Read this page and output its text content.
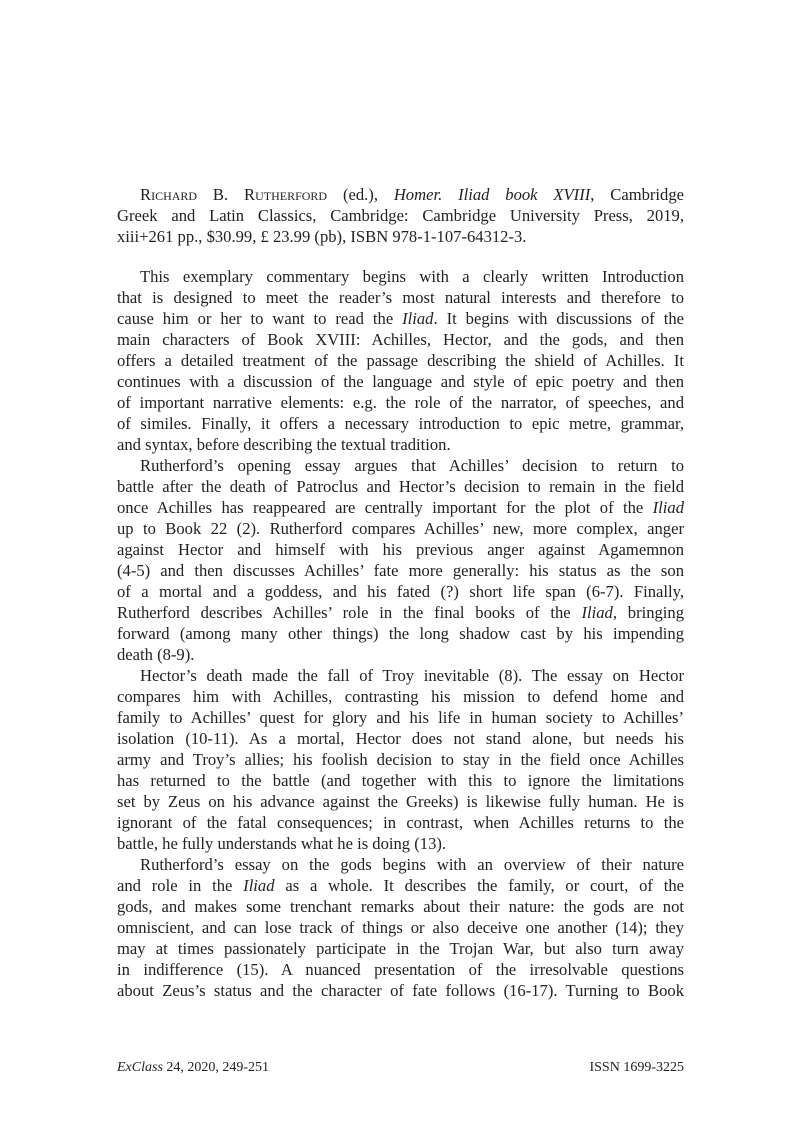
Richard B. Rutherford (ed.), Homer. Iliad book XVIII, Cambridge
Greek and Latin Classics, Cambridge: Cambridge University Press, 2019,
xiii+261 pp., $30.99, £ 23.99 (pb), ISBN 978-1-107-64312-3.
This exemplary commentary begins with a clearly written Introduction
that is designed to meet the reader’s most natural interests and therefore to
cause him or her to want to read the Iliad. It begins with discussions of the
main characters of Book XVIII: Achilles, Hector, and the gods, and then
offers a detailed treatment of the passage describing the shield of Achilles. It
continues with a discussion of the language and style of epic poetry and then
of important narrative elements: e.g. the role of the narrator, of speeches, and
of similes. Finally, it offers a necessary introduction to epic metre, grammar,
and syntax, before describing the textual tradition.
Rutherford’s opening essay argues that Achilles’ decision to return to
battle after the death of Patroclus and Hector’s decision to remain in the field
once Achilles has reappeared are centrally important for the plot of the Iliad
up to Book 22 (2). Rutherford compares Achilles’ new, more complex, anger
against Hector and himself with his previous anger against Agamemnon
(4-5) and then discusses Achilles’ fate more generally: his status as the son
of a mortal and a goddess, and his fated (?) short life span (6-7). Finally,
Rutherford describes Achilles’ role in the final books of the Iliad, bringing
forward (among many other things) the long shadow cast by his impending
death (8-9).
Hector’s death made the fall of Troy inevitable (8). The essay on Hector
compares him with Achilles, contrasting his mission to defend home and
family to Achilles’ quest for glory and his life in human society to Achilles’
isolation (10-11). As a mortal, Hector does not stand alone, but needs his
army and Troy’s allies; his foolish decision to stay in the field once Achilles
has returned to the battle (and together with this to ignore the limitations
set by Zeus on his advance against the Greeks) is likewise fully human. He is
ignorant of the fatal consequences; in contrast, when Achilles returns to the
battle, he fully understands what he is doing (13).
Rutherford’s essay on the gods begins with an overview of their nature
and role in the Iliad as a whole. It describes the family, or court, of the
gods, and makes some trenchant remarks about their nature: the gods are not
omniscient, and can lose track of things or also deceive one another (14); they
may at times passionately participate in the Trojan War, but also turn away
in indifference (15). A nuanced presentation of the irresolvable questions
about Zeus’s status and the character of fate follows (16-17). Turning to Book
ExClass 24, 2020, 249-251	ISSN 1699-3225
